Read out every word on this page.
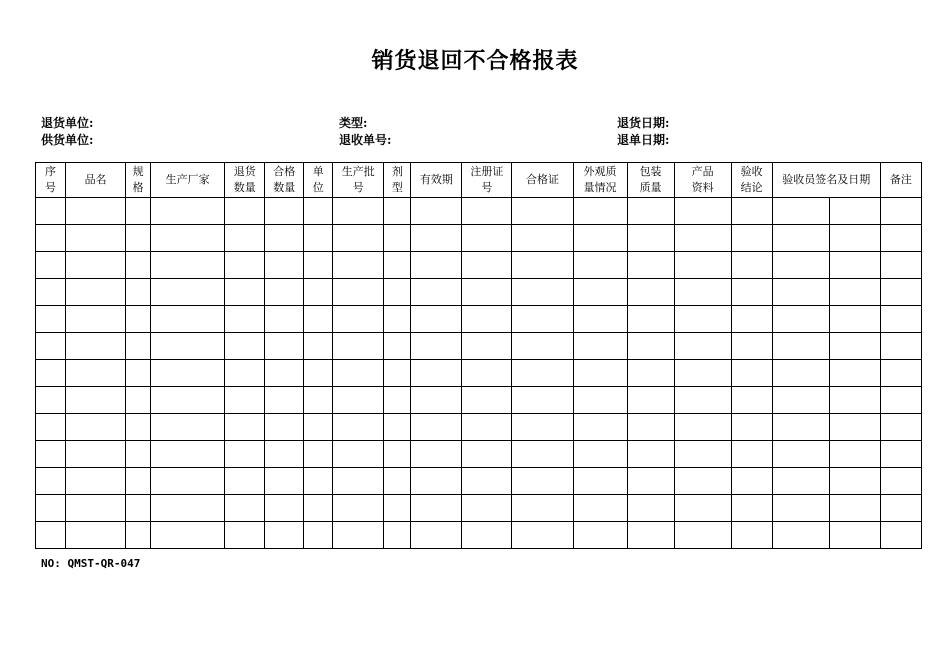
销货退回不合格报表
退货单位:
供货单位:
类型:
退收单号:
退货日期:
退单日期:
序号	品名	规格	生产厂家	退货数量	合格数量	单位	生产批号	剂型	有效期	注册证号	合格证	外观质量情况	包装质量	产品资料	验收结论	验收员签名及日期		备注

NO: QMST-QR-047
